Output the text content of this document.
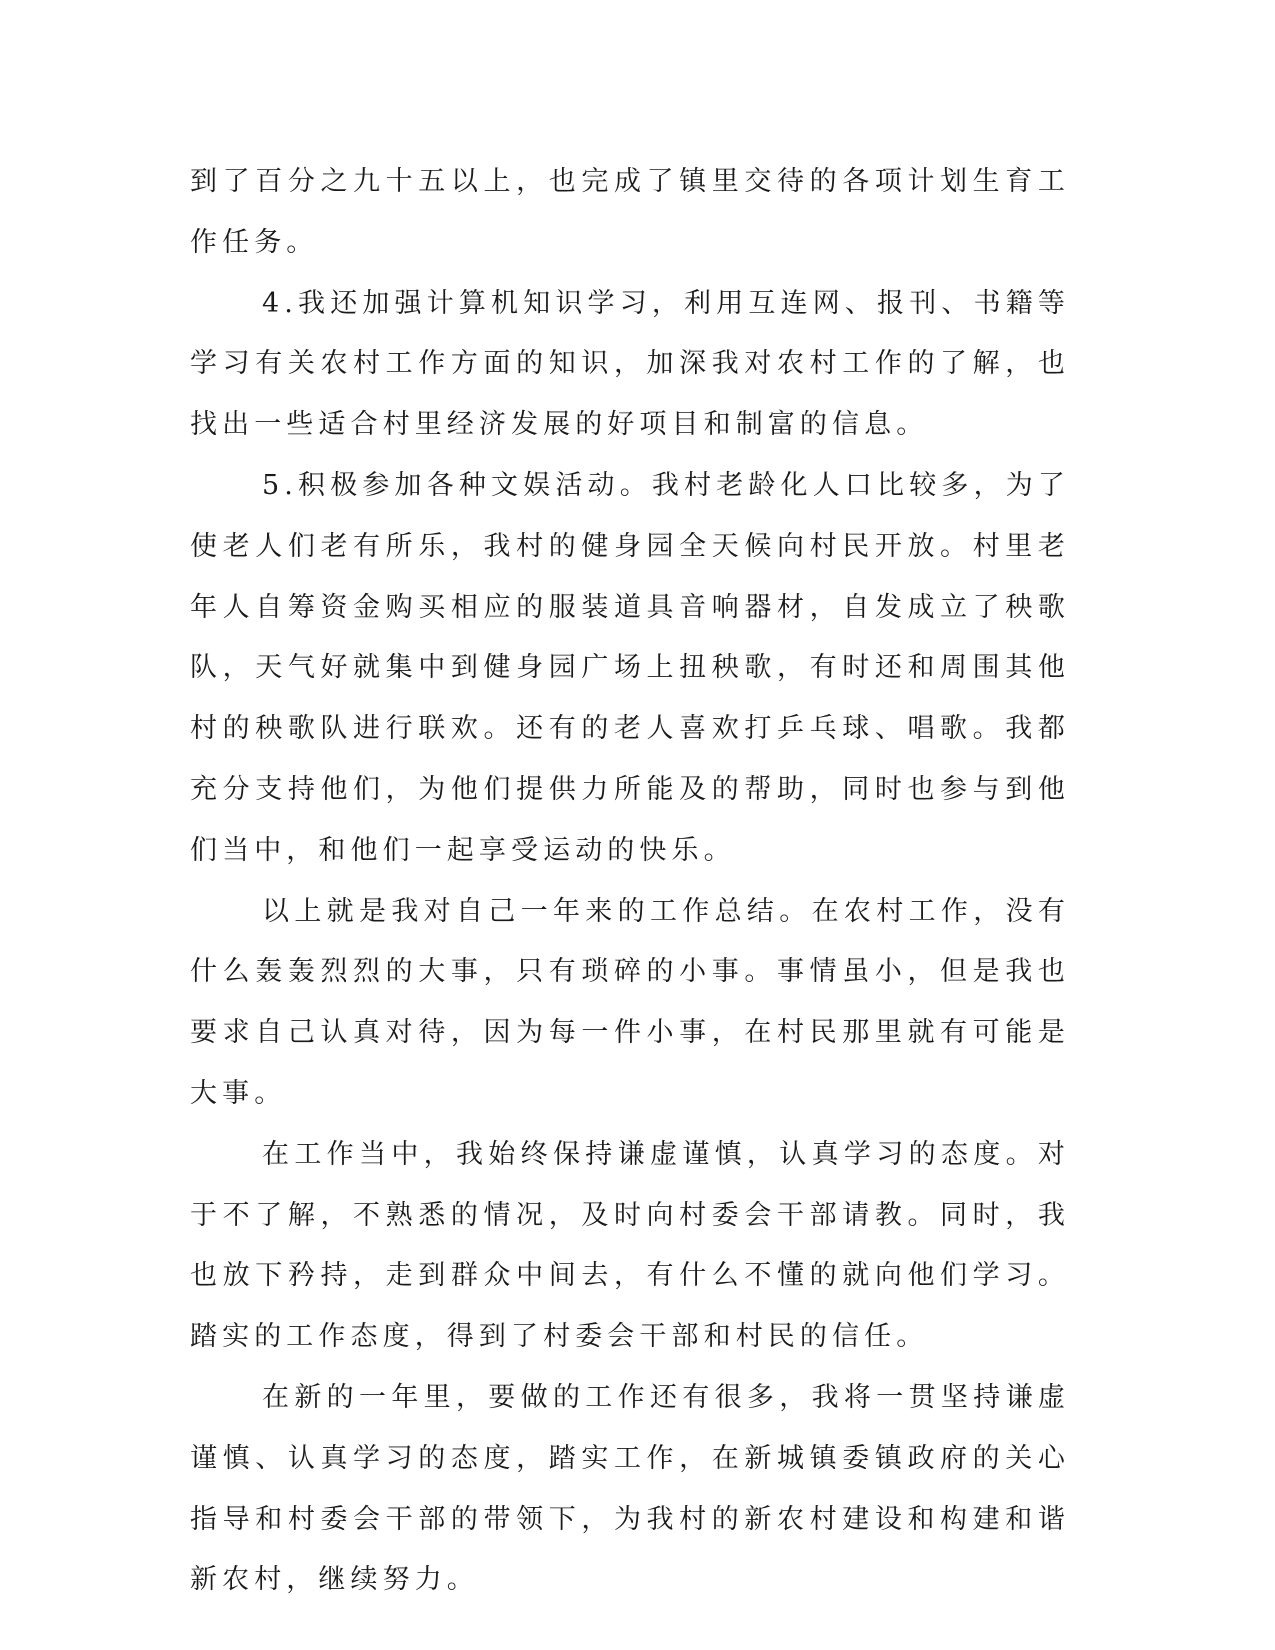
到了百分之九十五以上，也完成了镇里交待的各项计划生育工作任务。

4.我还加强计算机知识学习，利用互连网、报刊、书籍等学习有关农村工作方面的知识，加深我对农村工作的了解，也找出一些适合村里经济发展的好项目和制富的信息。

5.积极参加各种文娱活动。我村老龄化人口比较多，为了使老人们老有所乐，我村的健身园全天候向村民开放。村里老年人自筹资金购买相应的服装道具音响器材，自发成立了秧歌队，天气好就集中到健身园广场上扭秧歌，有时还和周围其他村的秧歌队进行联欢。还有的老人喜欢打乒乓球、唱歌。我都充分支持他们，为他们提供力所能及的帮助，同时也参与到他们当中，和他们一起享受运动的快乐。

以上就是我对自己一年来的工作总结。在农村工作，没有什么轰轰烈烈的大事，只有琐碎的小事。事情虽小，但是我也要求自己认真对待，因为每一件小事，在村民那里就有可能是大事。

在工作当中，我始终保持谦虚谨慎，认真学习的态度。对于不了解，不熟悉的情况，及时向村委会干部请教。同时，我也放下矜持，走到群众中间去，有什么不懂的就向他们学习。踏实的工作态度，得到了村委会干部和村民的信任。

在新的一年里，要做的工作还有很多，我将一贯坚持谦虚谨慎、认真学习的态度，踏实工作，在新城镇委镇政府的关心指导和村委会干部的带领下，为我村的新农村建设和构建和谐新农村，继续努力。
